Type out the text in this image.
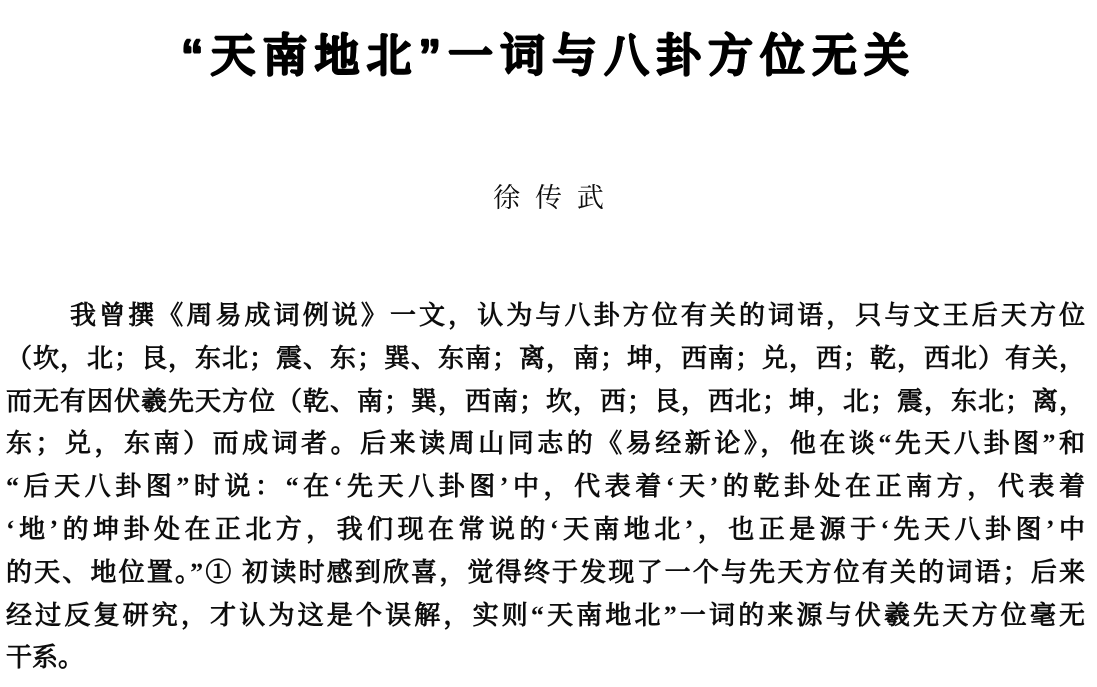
“天南地北”一词与八卦方位无关
徐传武

我曾撰《周易成词例说》一文，认为与八卦方位有关的词语，只与文王后天方位

（坎，北；艮，东北；震、东；巽、东南；离，南；坤，西南；兑，西；乾，西北）有关，

而无有因伏羲先天方位（乾、南；巽，西南；坎，西；艮，西北；坤，北；震，东北；离，

东；兑，东南）而成词者。后来读周山同志的《易经新论》，他在谈“先天八卦图”和

“后天八卦图”时说：“在‘先天八卦图’中，代表着‘天’的乾卦处在正南方，代表着

‘地’的坤卦处在正北方，我们现在常说的‘天南地北’，也正是源于‘先天八卦图’中

的天、地位置。”① 初读时感到欣喜，觉得终于发现了一个与先天方位有关的词语；后来

经过反复研究，才认为这是个误解，实则“天南地北”一词的来源与伏羲先天方位毫无

干系。
